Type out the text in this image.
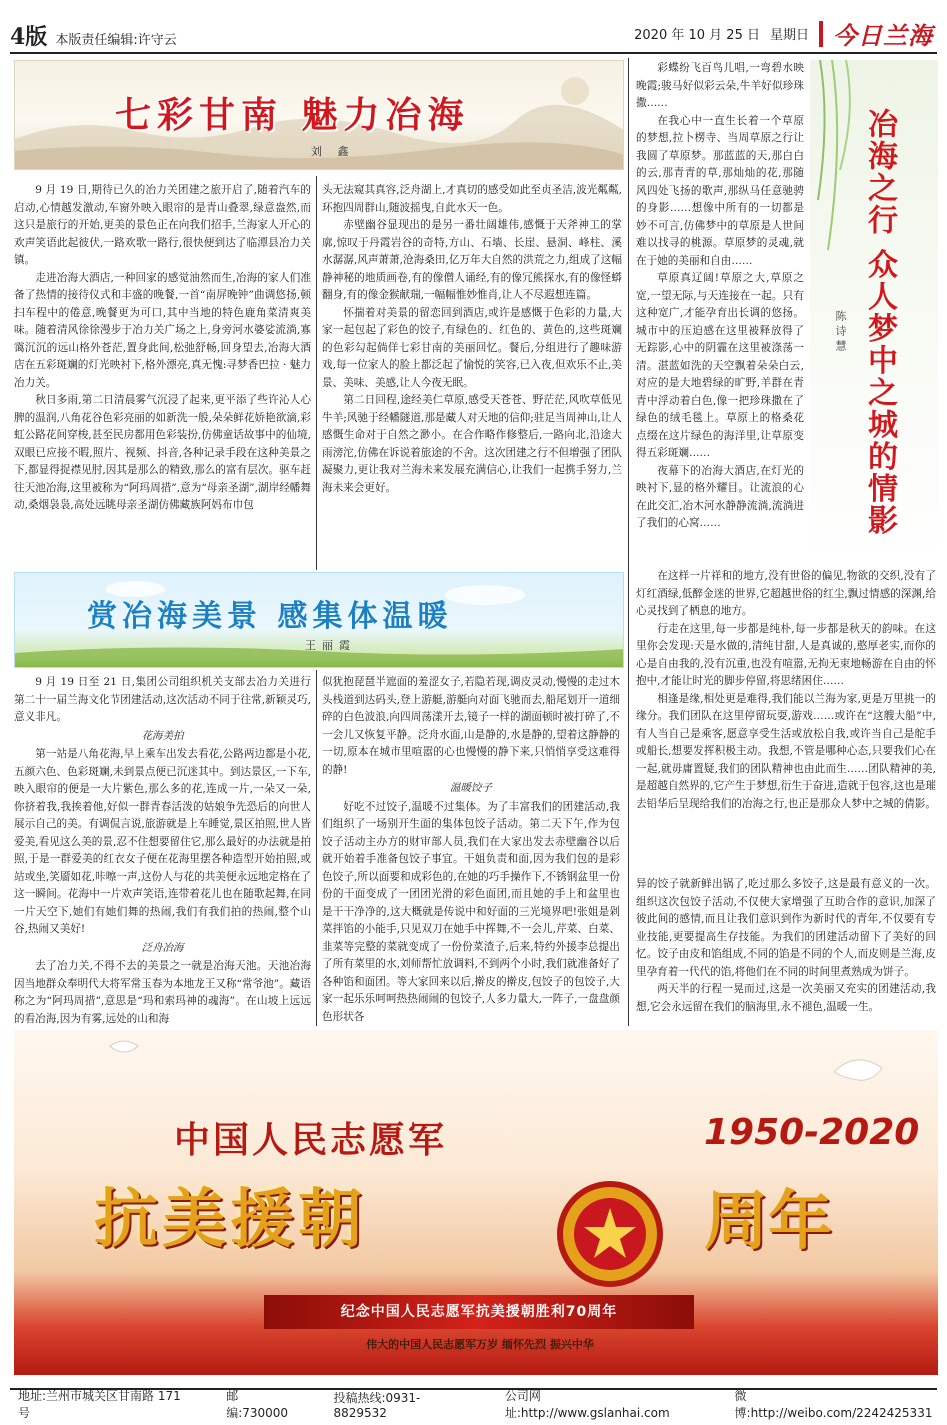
4版 本版责任编辑:许守云	2020 年 10 月 25 日 星期日 今日兰海
七彩甘南 魅力冶海
刘 鑫

9 月 19 日,期待已久的冶力关团建之旅开启了,随着汽车的启动,心情越发激动,车窗外映入眼帘的是青山叠翠,绿意盎然,而这只是旅行的开始,更美的景色正在向我们招手,兰海家人开心的欢声笑语此起彼伏,一路欢歌一路行,很快便到达了临潭县冶力关镇。

走进冶海大酒店,一种回家的感觉油然而生,冶海的家人们准备了热情的接待仪式和丰盛的晚餐,一首“南屏晚钟”曲调悠扬,顿扫车程中的倦意,晚餐更为可口,其中当地的特色鹿角菜清爽美味。随着清风徐徐漫步于冶力关广场之上,身旁河水婆娑流淌,寡霭沉沉的远山格外苍茫,置身此间,松弛舒畅,回身望去,冶海大酒店在五彩斑斓的灯光映衬下,格外漂亮,真无愧:寻梦香巴拉 · 魅力冶力关。

秋日多雨,第二日清晨雾气沉浸了起来,更平添了些许沁人心脾的温润,八角花谷色彩亮丽的如新洗一般,朵朵鲜花娇艳欲滴,彩虹公路花间穿梭,甚至民房都用色彩装扮,仿佛童话故事中的仙境,双眼已应接不暇,照片、视频、抖音,各种记录手段在这种美景之下,都显得捉襟见肘,因其是那么的精致,那么的富有层次。驱车赶往天池冶海,这里被称为“阿玛周措”,意为“母亲圣湖”,湖岸经幡舞动,桑烟袅袅,高处远眺母亲圣湖仿佛藏族阿妈布巾包

头无法窥其真容,泛舟湖上,才真切的感受如此至贞圣洁,波光粼粼,环抱四周群山,随波摇曳,自此水天一色。

赤壁幽谷显现出的是另一番壮阔雄伟,感慨于天斧神工的掌廓,惊叹于丹霞岩谷的奇特,方山、石墙、长崖、悬洞、峰柱、溪水潺潺,风声萧萧,沧海桑田,亿万年大自然的洪荒之力,组成了这幅静神秘的地质画卷,有的像僧人诵经,有的像冗熊探水,有的像怪蟒翻身,有的像金猴献瑞,一幅幅惟妙惟肖,让人不尽遐想连篇。

怀揣着对美景的留恋回到酒店,或许是感慨于色彩的力量,大家一起包起了彩色的饺子,有绿色的、红色的、黄色的,这些斑斓的色彩勾起倘佯七彩甘南的美丽回忆。餐后,分组进行了趣味游戏,每一位家人的脸上都泛起了愉悦的笑容,已入夜,但欢乐不止,美景、美味、美感,让人今夜无眠。

第二日回程,途经美仁草原,感受天苍苍、野茫茫,风吹草低见牛羊;风驰于经幡隧道,那是藏人对天地的信仰;驻足当周神山,让人感慨生命对于自然之渺小。在合作略作修整后,一路向北,沿途大雨滂沱,仿佛在诉说着旅途的不舍。这次团建之行不但增强了团队凝聚力,更让我对兰海未来发展充满信心,让我们一起携手努力,兰海未来会更好。

赏冶海美景 感集体温暖
王丽霞

9 月 19 日至 21 日,集团公司组织机关支部去冶力关进行第二十一届兰海文化节团建活动,这次活动不同于往常,新颖灵巧,意义非凡。

花海美拍

第一站是八角花海,早上乘车出发去看花,公路两边都是小花,五颜六色、色彩斑斓,未到景点便已沉迷其中。到达景区,一下车,映入眼帘的便是一大片紫色,那么多的花,连成一片,一朵又一朵,你挤着我,我挨着他,好似一群青春活泼的姑娘争先恐后的向世人展示自己的美。有调侃言说,旅游就是上车睡觉,景区拍照,世人皆爱美,看见这么美的景,忍不住想要留住它,那么最好的办法就是拍照,于是一群爱美的红衣女子便在花海里摆各种造型开始拍照,或站或坐,笑靥如花,咔嚓一声,这份人与花的共美便永远地定格在了这一瞬间。花海中一片欢声笑语,连带着花儿也在随歌起舞,在同一片天空下,她们有她们舞的热闹,我们有我们拍的热闹,整个山谷,热闹又美好!

泛舟冶海

去了冶力关,不得不去的美景之一就是冶海天池。天池冶海因当地群众奉明代大将军常玉春为本地龙王又称“常爷池”。藏语称之为“阿玛周措”,意思是“玛和索玛神的魂海”。在山坡上远远的看冶海,因为有雾,远处的山和海

似犹抱琵琶半遮面的羞涩女子,若隐若现,调皮灵动,慢慢的走过木头栈道到达码头,登上游艇,游艇向对面飞驰而去,船尾划开一道细碎的白色波浪,向四周荡漾开去,镜子一样的湖面顿时被打碎了,不一会儿又恢复平静。泛舟水面,山是静的,水是静的,望着这静静的一切,原本在城市里喧嚣的心也慢慢的静下来,只悄悄享受这难得的静!

温暖饺子

好吃不过饺子,温暖不过集体。为了丰富我们的团建活动,我们组织了一场别开生面的集体包饺子活动。第二天下午,作为包饺子活动主办方的财审部人员,我们在大家出发去赤壁幽谷以后就开始着手准备包饺子事宜。干姐负责和面,因为我们包的是彩色饺子,所以面要和成彩色的,在她的巧手操作下,不锈钢盆里一份份的干面变成了一团团光滑的彩色面团,而且她的手上和盆里也是干干净净的,这大概就是传说中和好面的三光境界吧!张姐是剁菜拌馅的小能手,只见双刀在她手中挥舞,不一会儿,芹菜、白菜、韭菜等完整的菜就变成了一份份菜渣子,后来,特约外援李总提出了所有菜里的水,刘师帮忙放调料,不到两个小时,我们就准备好了各种馅和面团。等大家回来以后,擀皮的擀皮,包饺子的包饺子,大家一起乐乐呵呵热热闹闹的包饺子,人多力量大,一阵子,一盘盘颜色形状各

异的饺子就新鲜出锅了,吃过那么多饺子,这是最有意义的一次。组织这次包饺子活动,不仅使大家增强了互助合作的意识,加深了彼此间的感情,而且让我们意识到作为新时代的青年,不仅要有专业技能,更要提高生存技能。为我们的团建活动留下了美好的回忆。饺子由皮和馅组成,不同的馅是不同的个人,而皮则是兰海,皮里孕育着一代代的馅,将他们在不同的时间里煮熟成为饼子。

两天半的行程一晃而过,这是一次美丽又充实的团建活动,我想,它会永远留在我们的脑海里,永不褪色,温暖一生。

冶海之行 众人梦中之城的情影
陈诗慧

彩蝶纷飞百鸟儿唱,一弯碧水映晚霞;骏马好似彩云朵,牛羊好似珍珠撒……

在我心中一直生长着一个草原的梦想,拉卜楞寺、当周草原之行让我圆了草原梦。那蓝蓝的天,那白白的云,那青青的草,那灿灿的花,那随风四处飞扬的歌声,那纵马任意驰骋的身影……想像中所有的一切都是妙不可言,仿佛梦中的草原是人世间难以找寻的桃源。草原梦的灵魂,就在于她的美丽和自由……

草原真辽阔!草原之大,草原之宽,一望无际,与天连接在一起。只有这种宽广,才能孕育出长调的悠扬。城市中的压迫感在这里被释放得了无踪影,心中的阴霾在这里被涤荡一清。湛蓝如洗的天空飘着朵朵白云,对应的是大地碧绿的旷野,羊群在青青中浮动着白色,像一把珍珠撒在了绿色的绒毛毯上。草原上的格桑花点缀在这片绿色的海洋里,让草原变得五彩斑斓……

夜幕下的冶海大酒店,在灯光的映衬下,显的格外耀目。让流浪的心在此交汇,冶木河水静静流淌,流淌进了我们的心窝……

在这样一片祥和的地方,没有世俗的偏见,物欲的交织,没有了灯红酒绿,低醉金迷的世界,它超越世俗的红尘,飘过情感的深渊,给心灵找到了栖息的地方。

行走在这里,每一步都是纯朴,每一步都是秋天的韵味。在这里你会发现:天是水做的,清纯甘甜,人是真诚的,憨厚老实,而你的心是自由我的,没有沉重,也没有喧嚣,无拘无束地畅游在自由的怀抱中,才能让时光的脚步停留,将思绪困住……

相逢是缘,相处更是难得,我们能以兰海为家,更是万里挑一的缘分。我们团队在这里停留玩耍,游戏……或许在“这艘大船”中,有人当自己是乘客,愿意享受生活或放松自我,或许当自己是舵手或船长,想要发挥积极主动。我想,不管是哪种心态,只要我们心在一起,就毋庸置疑,我们的团队精神也由此而生……团队精神的美,是超越自然界的,它产生于梦想,衍生于奋进,造就于包容,这也是璀去铅华后呈现给我们的冶海之行,也正是那众人梦中之城的倩影。

中国人民志愿军	1950-2020
抗美援朝	周年
纪念中国人民志愿军抗美援朝胜利70周年
伟大的中国人民志愿军万岁 缅怀先烈 振兴中华
地址:兰州市城关区甘南路 171 号
邮编:730000
投稿热线:0931-8829532
公司网址:http://www.gslanhai.com
微博:http://weibo.com/2242425331
